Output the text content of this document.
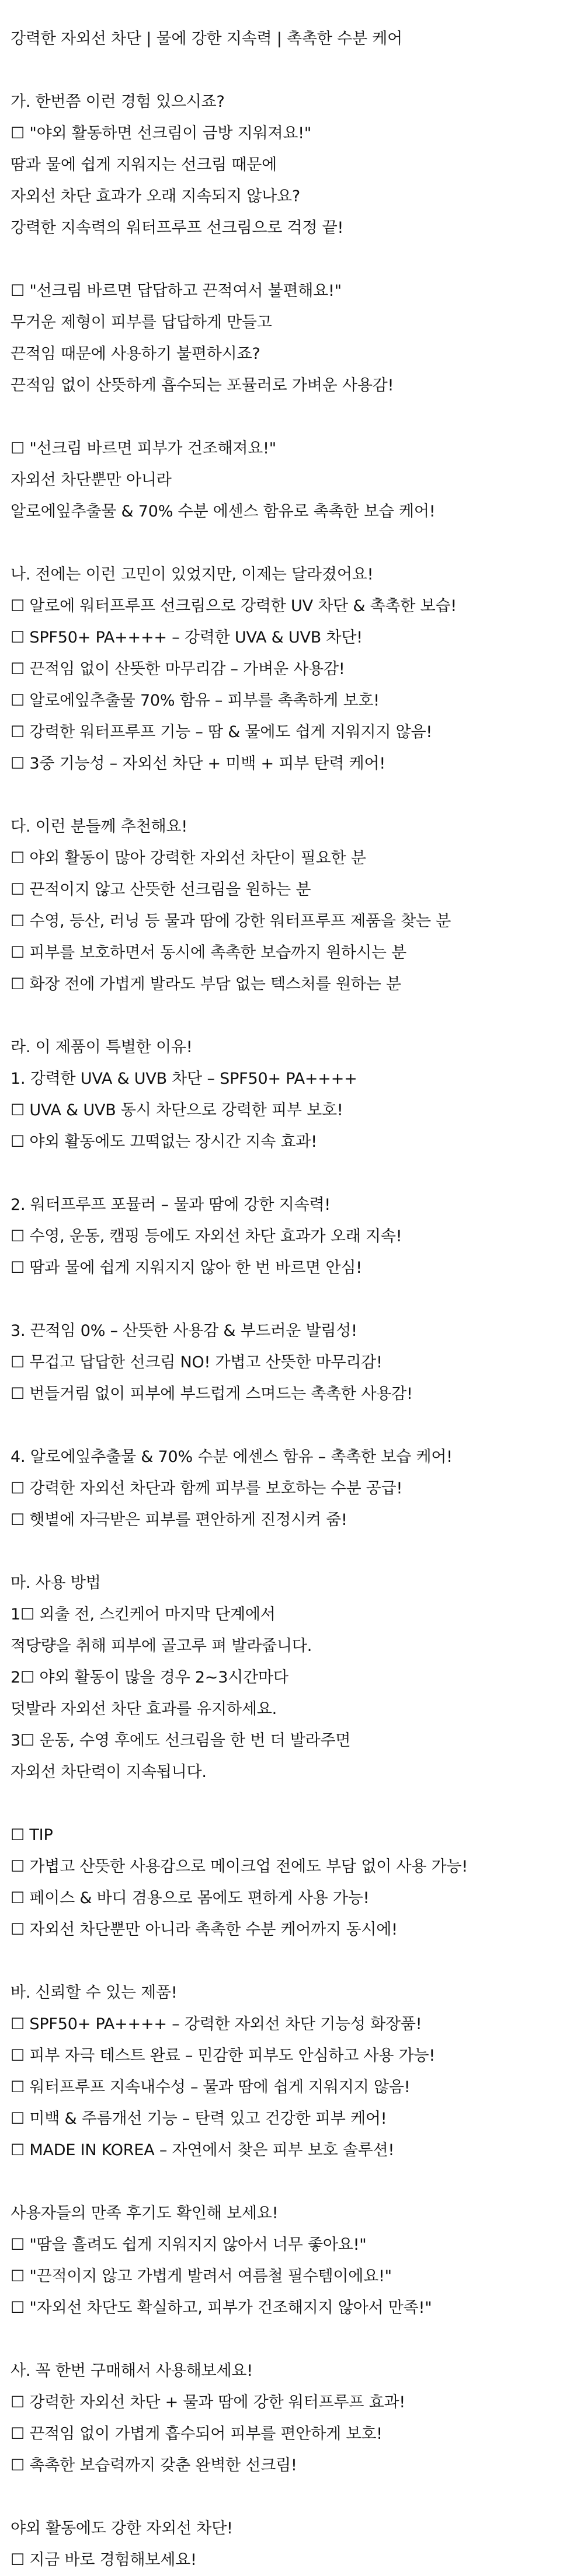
강력한 자외선 차단 | 물에 강한 지속력 | 촉촉한 수분 케어
가. 한번쯤 이런 경험 있으시죠?
☐ "야외 활동하면 선크림이 금방 지워져요!"
땀과 물에 쉽게 지워지는 선크림 때문에
자외선 차단 효과가 오래 지속되지 않나요?
강력한 지속력의 워터프루프 선크림으로 걱정 끝!
☐ "선크림 바르면 답답하고 끈적여서 불편해요!"
무거운 제형이 피부를 답답하게 만들고
끈적임 때문에 사용하기 불편하시죠?
끈적임 없이 산뜻하게 흡수되는 포뮬러로 가벼운 사용감!
☐ "선크림 바르면 피부가 건조해져요!"
자외선 차단뿐만 아니라
알로에잎추출물 & 70% 수분 에센스 함유로 촉촉한 보습 케어!
나. 전에는 이런 고민이 있었지만, 이제는 달라졌어요!
☐ 알로에 워터프루프 선크림으로 강력한 UV 차단 & 촉촉한 보습!
☐ SPF50+ PA++++ – 강력한 UVA & UVB 차단!
☐ 끈적임 없이 산뜻한 마무리감 – 가벼운 사용감!
☐ 알로에잎추출물 70% 함유 – 피부를 촉촉하게 보호!
☐ 강력한 워터프루프 기능 – 땀 & 물에도 쉽게 지워지지 않음!
☐ 3중 기능성 – 자외선 차단 + 미백 + 피부 탄력 케어!
다. 이런 분들께 추천해요!
☐ 야외 활동이 많아 강력한 자외선 차단이 필요한 분
☐ 끈적이지 않고 산뜻한 선크림을 원하는 분
☐ 수영, 등산, 러닝 등 물과 땀에 강한 워터프루프 제품을 찾는 분
☐ 피부를 보호하면서 동시에 촉촉한 보습까지 원하시는 분
☐ 화장 전에 가볍게 발라도 부담 없는 텍스처를 원하는 분
라. 이 제품이 특별한 이유!
1. 강력한 UVA & UVB 차단 – SPF50+ PA++++
☐ UVA & UVB 동시 차단으로 강력한 피부 보호!
☐ 야외 활동에도 끄떡없는 장시간 지속 효과!
2. 워터프루프 포뮬러 – 물과 땀에 강한 지속력!
☐ 수영, 운동, 캠핑 등에도 자외선 차단 효과가 오래 지속!
☐ 땀과 물에 쉽게 지워지지 않아 한 번 바르면 안심!
3. 끈적임 0% – 산뜻한 사용감 & 부드러운 발림성!
☐ 무겁고 답답한 선크림 NO! 가볍고 산뜻한 마무리감!
☐ 번들거림 없이 피부에 부드럽게 스며드는 촉촉한 사용감!
4. 알로에잎추출물 & 70% 수분 에센스 함유 – 촉촉한 보습 케어!
☐ 강력한 자외선 차단과 함께 피부를 보호하는 수분 공급!
☐ 햇볕에 자극받은 피부를 편안하게 진정시켜 줌!
마. 사용 방법
1☐ 외출 전, 스킨케어 마지막 단계에서
적당량을 취해 피부에 골고루 펴 발라줍니다.
2☐ 야외 활동이 많을 경우 2~3시간마다
덧발라 자외선 차단 효과를 유지하세요.
3☐ 운동, 수영 후에도 선크림을 한 번 더 발라주면
자외선 차단력이 지속됩니다.
☐ TIP
☐ 가볍고 산뜻한 사용감으로 메이크업 전에도 부담 없이 사용 가능!
☐ 페이스 & 바디 겸용으로 몸에도 편하게 사용 가능!
☐ 자외선 차단뿐만 아니라 촉촉한 수분 케어까지 동시에!
바. 신뢰할 수 있는 제품!
☐ SPF50+ PA++++ – 강력한 자외선 차단 기능성 화장품!
☐ 피부 자극 테스트 완료 – 민감한 피부도 안심하고 사용 가능!
☐ 워터프루프 지속내수성 – 물과 땀에 쉽게 지워지지 않음!
☐ 미백 & 주름개선 기능 – 탄력 있고 건강한 피부 케어!
☐ MADE IN KOREA – 자연에서 찾은 피부 보호 솔루션!
사용자들의 만족 후기도 확인해 보세요!
☐ "땀을 흘려도 쉽게 지워지지 않아서 너무 좋아요!"
☐ "끈적이지 않고 가볍게 발려서 여름철 필수템이에요!"
☐ "자외선 차단도 확실하고, 피부가 건조해지지 않아서 만족!"
사. 꼭 한번 구매해서 사용해보세요!
☐ 강력한 자외선 차단 + 물과 땀에 강한 워터프루프 효과!
☐ 끈적임 없이 가볍게 흡수되어 피부를 편안하게 보호!
☐ 촉촉한 보습력까지 갖춘 완벽한 선크림!
야외 활동에도 강한 자외선 차단!
☐ 지금 바로 경험해보세요!
